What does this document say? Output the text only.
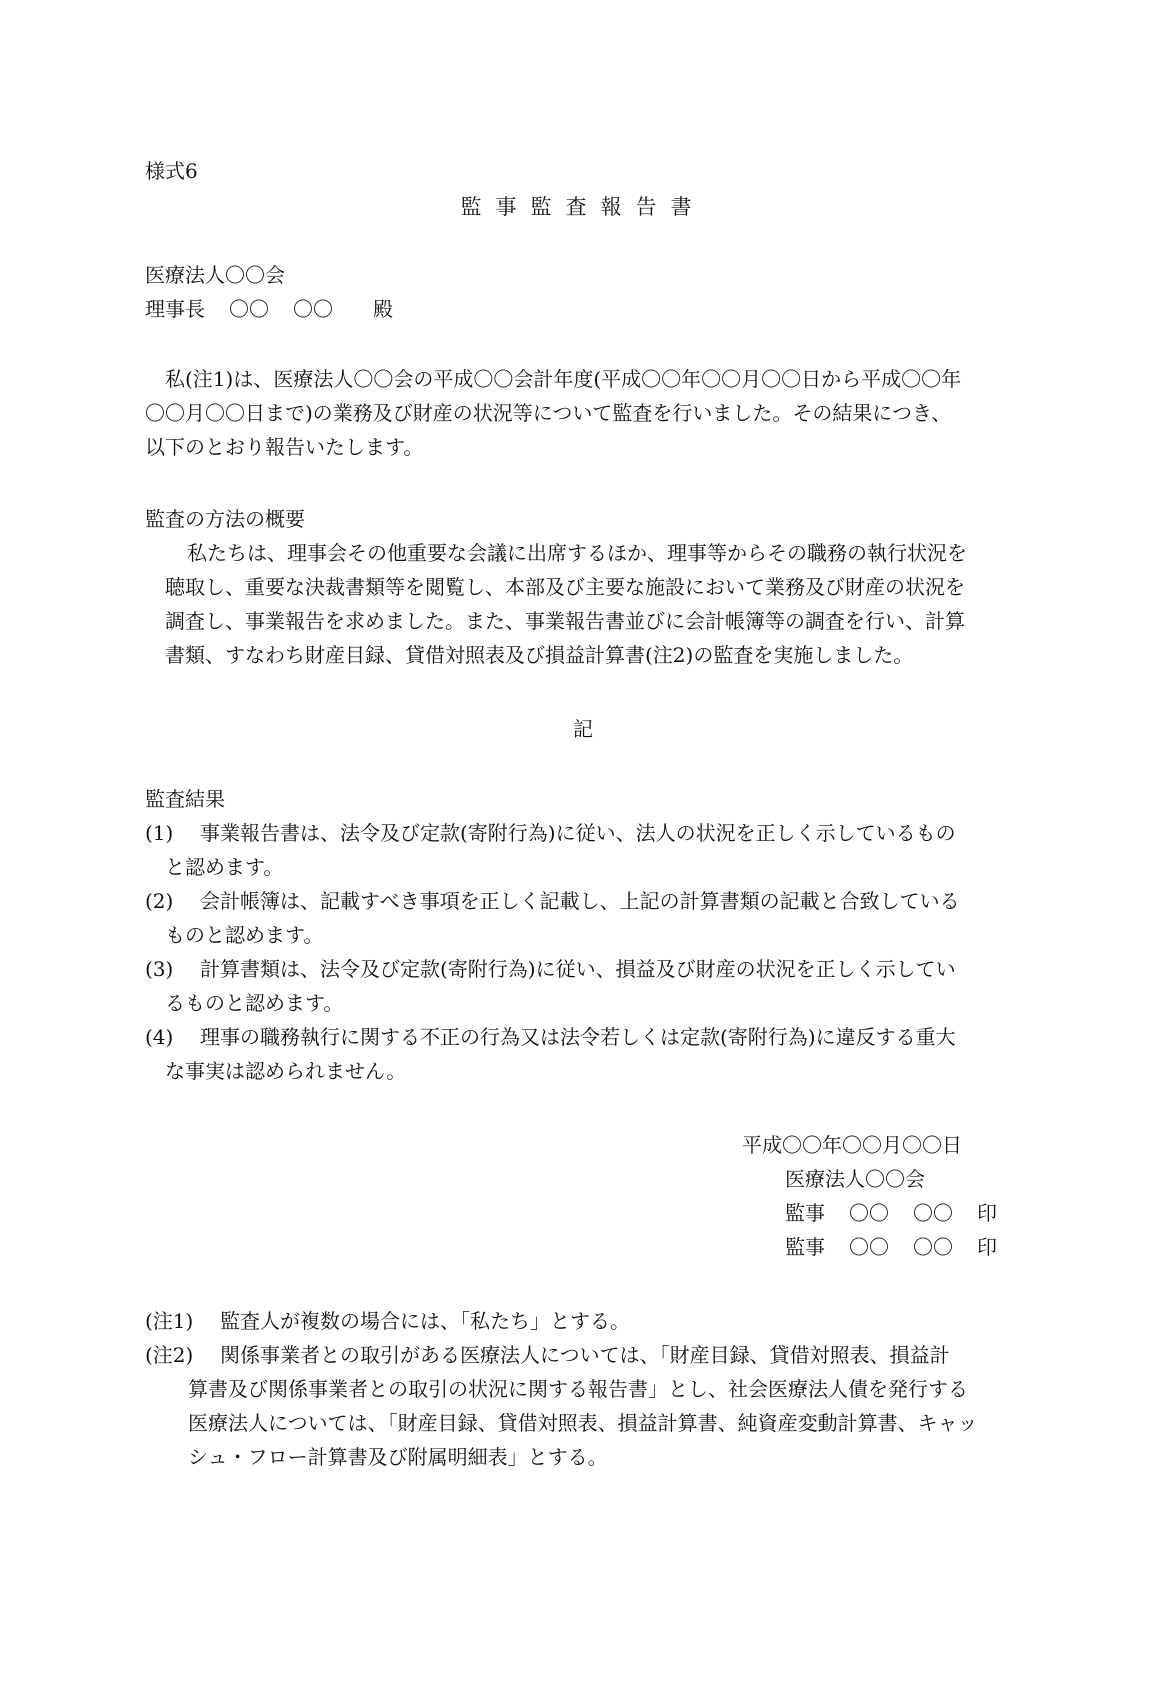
様式6
監事監査報告書
医療法人〇〇会
理事長 〇〇 〇〇 殿
私(注1)は、医療法人〇〇会の平成〇〇会計年度(平成〇〇年〇〇月〇〇日から平成〇〇年
〇〇月〇〇日まで)の業務及び財産の状況等について監査を行いました。その結果につき、
以下のとおり報告いたします。
監査の方法の概要
私たちは、理事会その他重要な会議に出席するほか、理事等からその職務の執行状況を
聴取し、重要な決裁書類等を閲覧し、本部及び主要な施設において業務及び財産の状況を
調査し、事業報告を求めました。また、事業報告書並びに会計帳簿等の調査を行い、計算
書類、すなわち財産目録、貸借対照表及び損益計算書(注2)の監査を実施しました。
記
監査結果
(1) 事業報告書は、法令及び定款(寄附行為)に従い、法人の状況を正しく示しているもの
と認めます。
(2) 会計帳簿は、記載すべき事項を正しく記載し、上記の計算書類の記載と合致している
ものと認めます。
(3) 計算書類は、法令及び定款(寄附行為)に従い、損益及び財産の状況を正しく示してい
るものと認めます。
(4) 理事の職務執行に関する不正の行為又は法令若しくは定款(寄附行為)に違反する重大
な事実は認められません。
平成〇〇年〇〇月〇〇日
医療法人〇〇会
監事 〇〇 〇〇 印
監事 〇〇 〇〇 印
(注1) 監査人が複数の場合には、「私たち」とする。
(注2) 関係事業者との取引がある医療法人については、「財産目録、貸借対照表、損益計
算書及び関係事業者との取引の状況に関する報告書」とし、社会医療法人債を発行する
医療法人については、「財産目録、貸借対照表、損益計算書、純資産変動計算書、キャッ
シュ・フロー計算書及び附属明細表」とする。
